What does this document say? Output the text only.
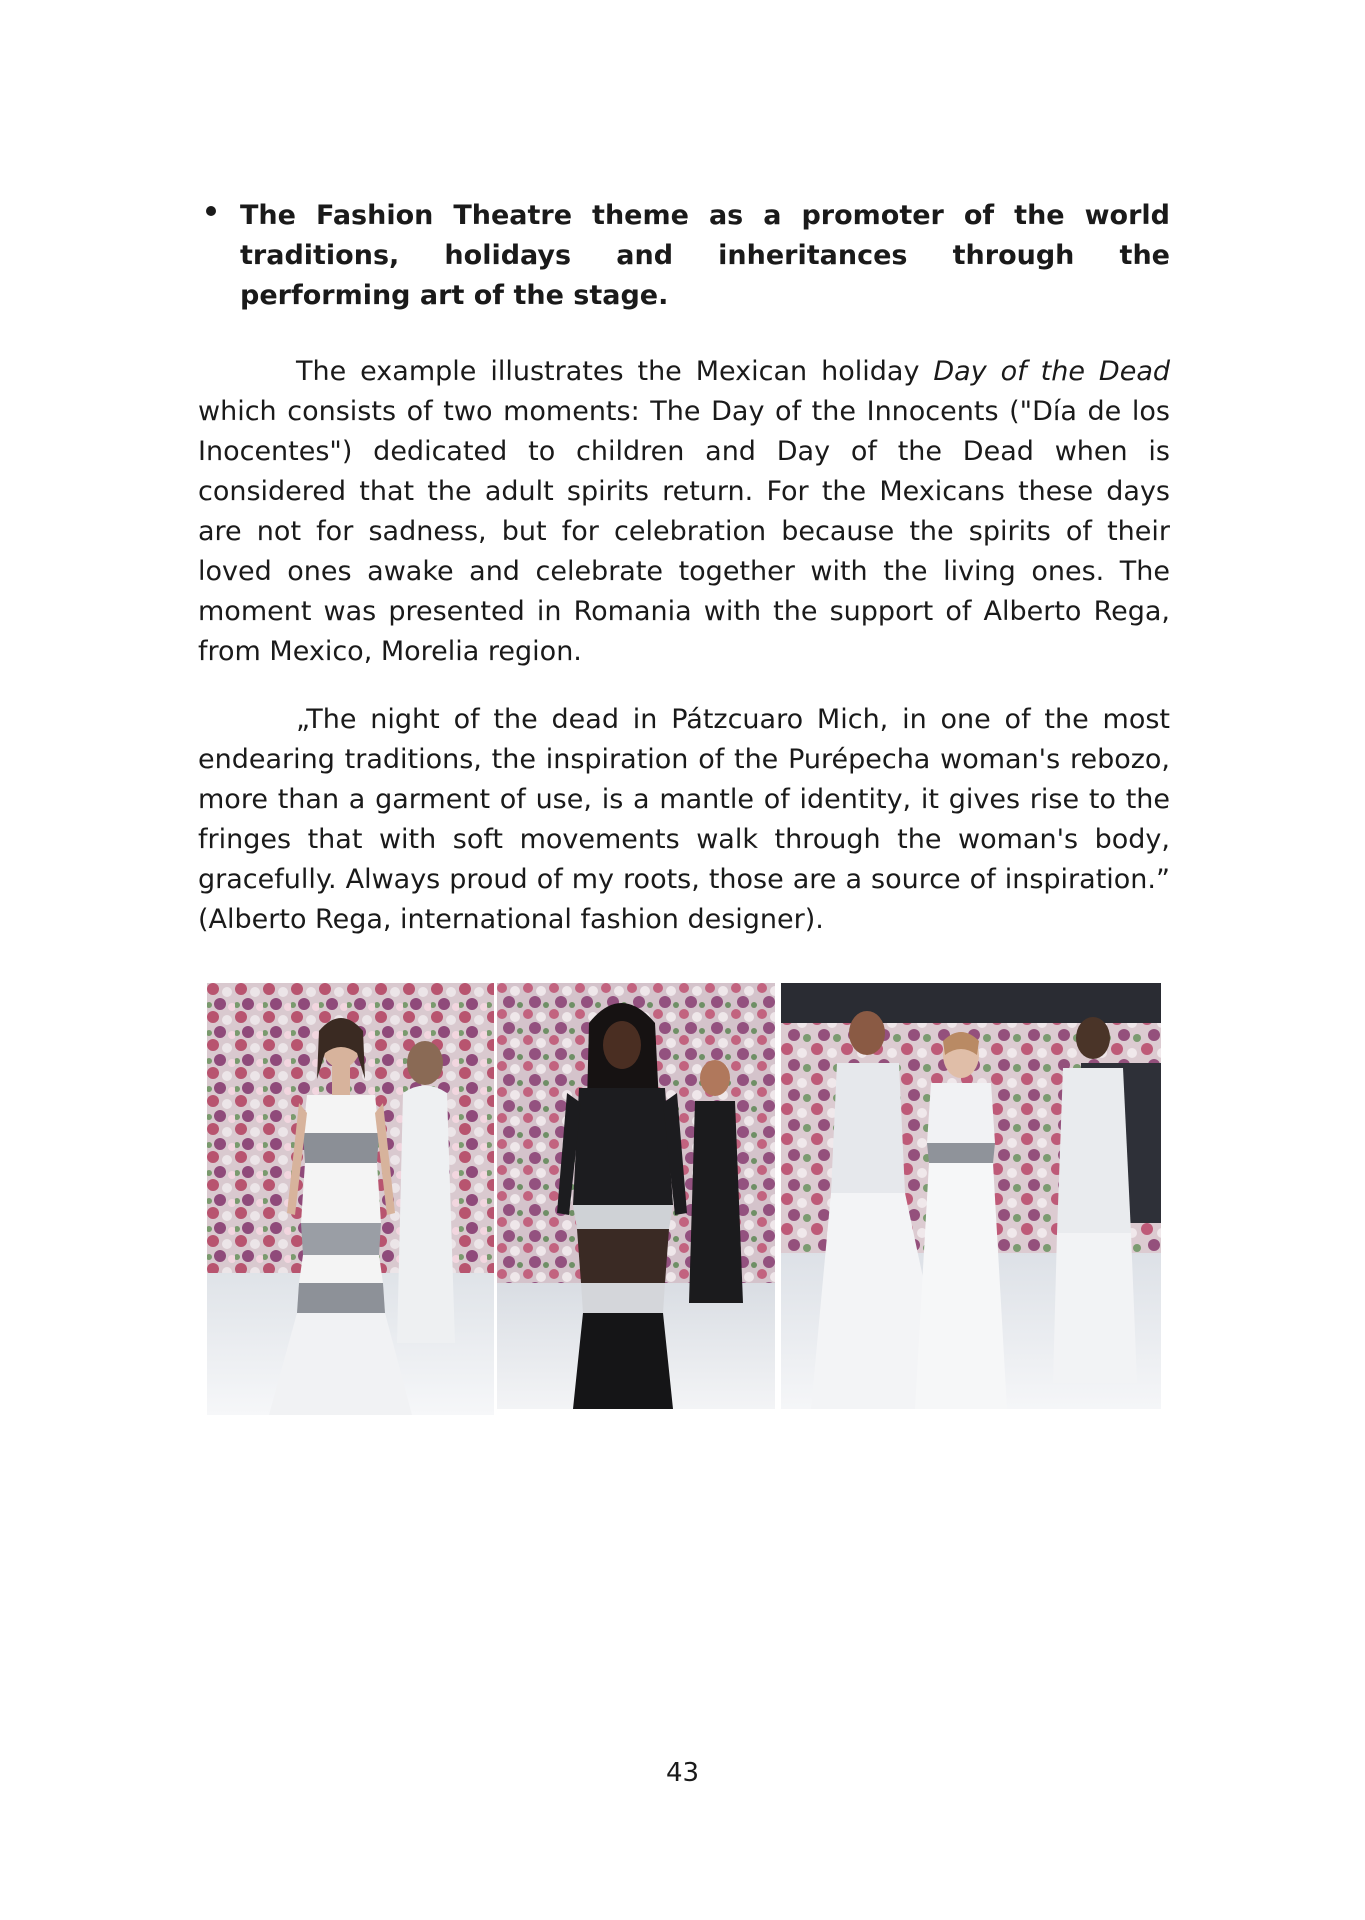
The Fashion Theatre theme as a promoter of the world traditions, holidays and inheritances through the performing art of the stage.

The example illustrates the Mexican holiday Day of the Dead which consists of two moments: The Day of the Innocents ("Día de los Inocentes") dedicated to children and Day of the Dead when is considered that the adult spirits return. For the Mexicans these days are not for sadness, but for celebration because the spirits of their loved ones awake and celebrate together with the living ones. The moment was presented in Romania with the support of Alberto Rega, from Mexico, Morelia region.

„The night of the dead in Pátzcuaro Mich, in one of the most endearing traditions, the inspiration of the Purépecha woman's rebozo, more than a garment of use, is a mantle of identity, it gives rise to the fringes that with soft movements walk through the woman's body, gracefully. Always proud of my roots, those are a source of inspiration.” (Alberto Rega, international fashion designer).

43
